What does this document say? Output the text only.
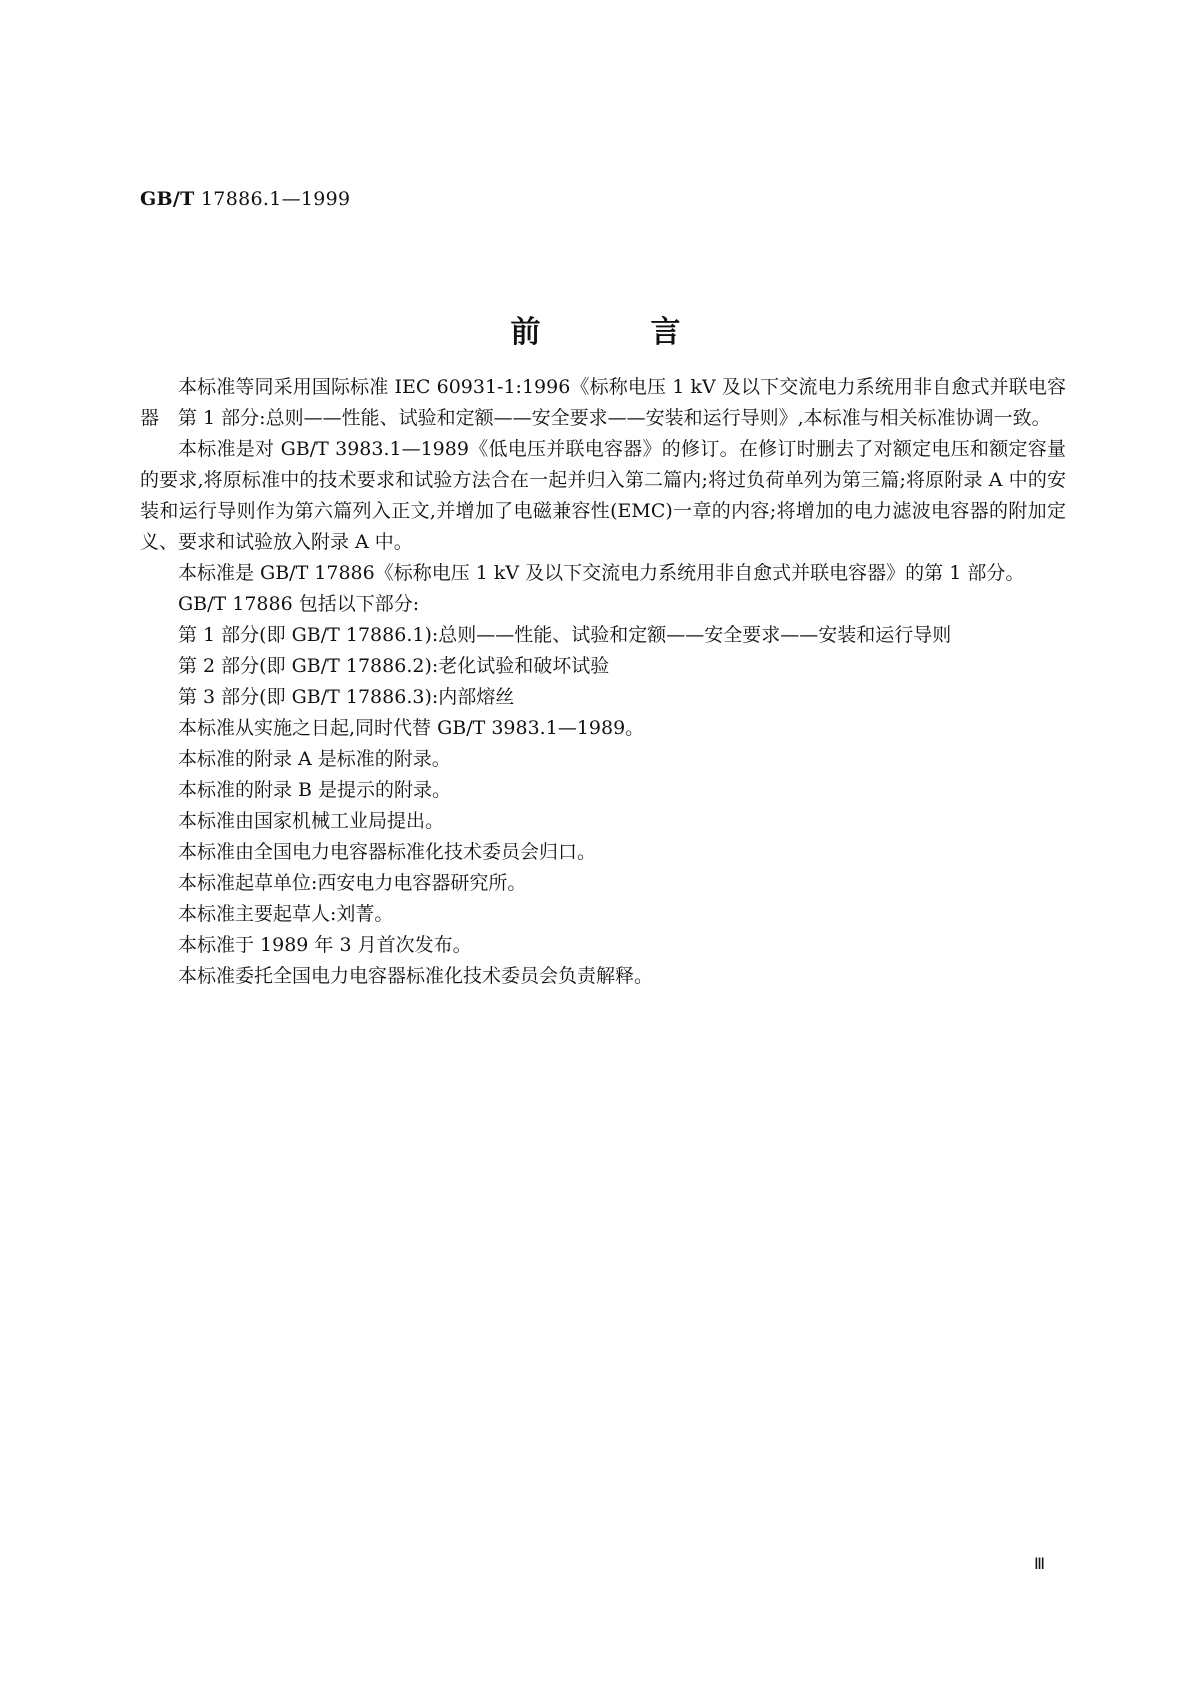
GB/T 17886.1—1999
前言

本标准等同采用国际标准 IEC 60931-1:1996《标称电压 1 kV 及以下交流电力系统用非自愈式并联电容器　第 1 部分:总则——性能、试验和定额——安全要求——安装和运行导则》,本标准与相关标准协调一致。

本标准是对 GB/T 3983.1—1989《低电压并联电容器》的修订。在修订时删去了对额定电压和额定容量的要求,将原标准中的技术要求和试验方法合在一起并归入第二篇内;将过负荷单列为第三篇;将原附录 A 中的安装和运行导则作为第六篇列入正文,并增加了电磁兼容性(EMC)一章的内容;将增加的电力滤波电容器的附加定义、要求和试验放入附录 A 中。

本标准是 GB/T 17886《标称电压 1 kV 及以下交流电力系统用非自愈式并联电容器》的第 1 部分。

GB/T 17886 包括以下部分:

第 1 部分(即 GB/T 17886.1):总则——性能、试验和定额——安全要求——安装和运行导则

第 2 部分(即 GB/T 17886.2):老化试验和破坏试验

第 3 部分(即 GB/T 17886.3):内部熔丝

本标准从实施之日起,同时代替 GB/T 3983.1—1989。

本标准的附录 A 是标准的附录。

本标准的附录 B 是提示的附录。

本标准由国家机械工业局提出。

本标准由全国电力电容器标准化技术委员会归口。

本标准起草单位:西安电力电容器研究所。

本标准主要起草人:刘菁。

本标准于 1989 年 3 月首次发布。

本标准委托全国电力电容器标准化技术委员会负责解释。

Ⅲ
